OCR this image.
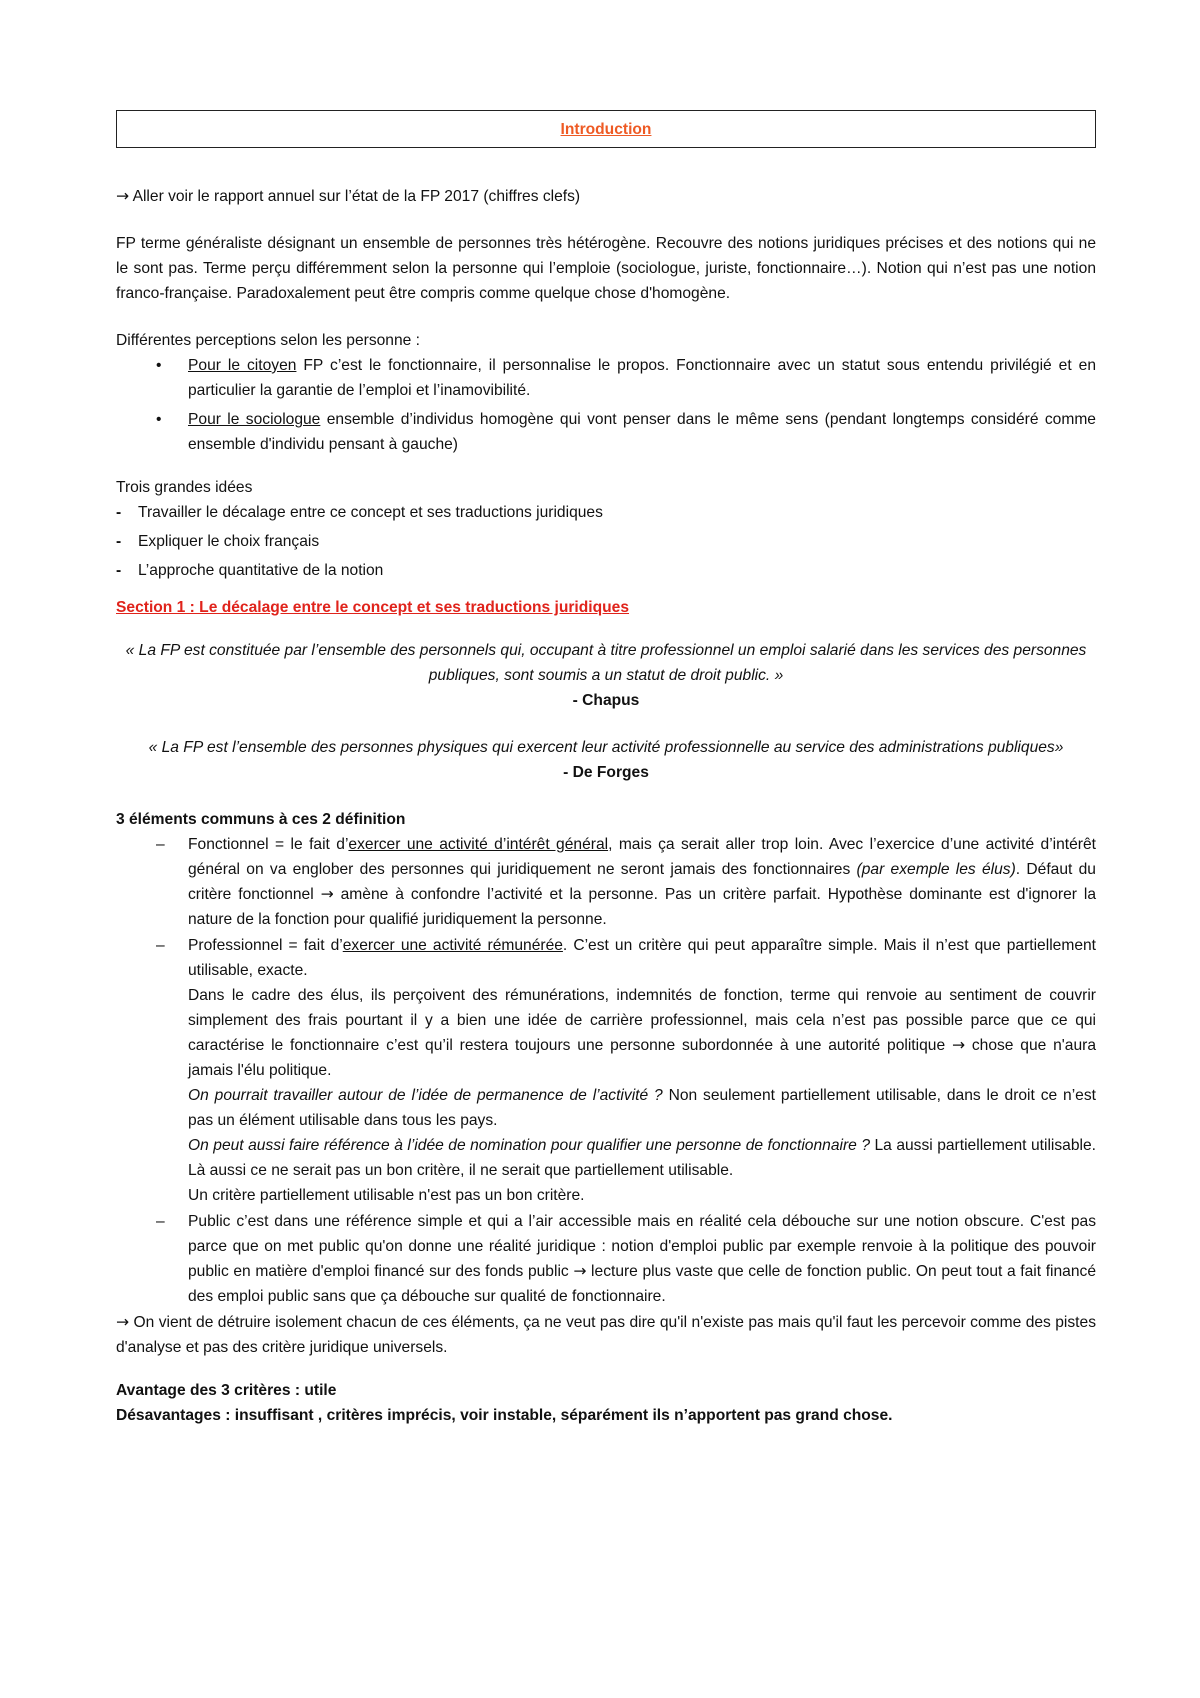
Introduction

→ Aller voir le rapport annuel sur l’état de la FP 2017 (chiffres clefs)

FP terme généraliste désignant un ensemble de personnes très hétérogène. Recouvre des notions juridiques précises et des notions qui ne le sont pas. Terme perçu différemment selon la personne qui l’emploie (sociologue, juriste, fonctionnaire…). Notion qui n’est pas une notion franco-française. Paradoxalement peut être compris comme quelque chose d'homogène.

Différentes perceptions selon les personne :

• Pour le citoyen FP c’est le fonctionnaire, il personnalise le propos. Fonctionnaire avec un statut sous entendu privilégié et en particulier la garantie de l’emploi et l’inamovibilité.
• Pour le sociologue ensemble d’individus homogène qui vont penser dans le même sens (pendant longtemps considéré comme ensemble d'individu pensant à gauche)

Trois grandes idées

- Travailler le décalage entre ce concept et ses traductions juridiques
- Expliquer le choix français
- L’approche quantitative de la notion

Section 1 : Le décalage entre le concept et ses traductions juridiques

« La FP est constituée par l’ensemble des personnels qui, occupant à titre professionnel un emploi salarié dans les services des personnes publiques, sont soumis a un statut de droit public. »

- Chapus

« La FP est l’ensemble des personnes physiques qui exercent leur activité professionnelle au service des administrations publiques»

- De Forges

3 éléments communs à ces 2 définition

– Fonctionnel = le fait d’exercer une activité d’intérêt général, mais ça serait aller trop loin. Avec l’exercice d’une activité d’intérêt général on va englober des personnes qui juridiquement ne seront jamais des fonctionnaires (par exemple les élus). Défaut du critère fonctionnel → amène à confondre l’activité et la personne. Pas un critère parfait. Hypothèse dominante est d'ignorer la nature de la fonction pour qualifié juridiquement la personne.
– Professionnel = fait d’exercer une activité rémunérée. C’est un critère qui peut apparaître simple. Mais il n’est que partiellement utilisable, exacte.
Dans le cadre des élus, ils perçoivent des rémunérations, indemnités de fonction, terme qui renvoie au sentiment de couvrir simplement des frais pourtant il y a bien une idée de carrière professionnel, mais cela n’est pas possible parce que ce qui caractérise le fonctionnaire c’est qu’il restera toujours une personne subordonnée à une autorité politique → chose que n'aura jamais l'élu politique.
On pourrait travailler autour de l’idée de permanence de l’activité ? Non seulement partiellement utilisable, dans le droit ce n’est pas un élément utilisable dans tous les pays.
On peut aussi faire référence à l’idée de nomination pour qualifier une personne de fonctionnaire ? La aussi partiellement utilisable. Là aussi ce ne serait pas un bon critère, il ne serait que partiellement utilisable.
Un critère partiellement utilisable n'est pas un bon critère.
– Public c’est dans une référence simple et qui a l’air accessible mais en réalité cela débouche sur une notion obscure. C'est pas parce que on met public qu'on donne une réalité juridique : notion d'emploi public par exemple renvoie à la politique des pouvoir public en matière d'emploi financé sur des fonds public → lecture plus vaste que celle de fonction public. On peut tout a fait financé des emploi public sans que ça débouche sur qualité de fonctionnaire.

→ On vient de détruire isolement chacun de ces éléments, ça ne veut pas dire qu'il n'existe pas mais qu'il faut les percevoir comme des pistes d'analyse et pas des critère juridique universels.

Avantage des 3 critères : utile

Désavantages : insuffisant , critères imprécis, voir instable, séparément ils n’apportent pas grand chose.
